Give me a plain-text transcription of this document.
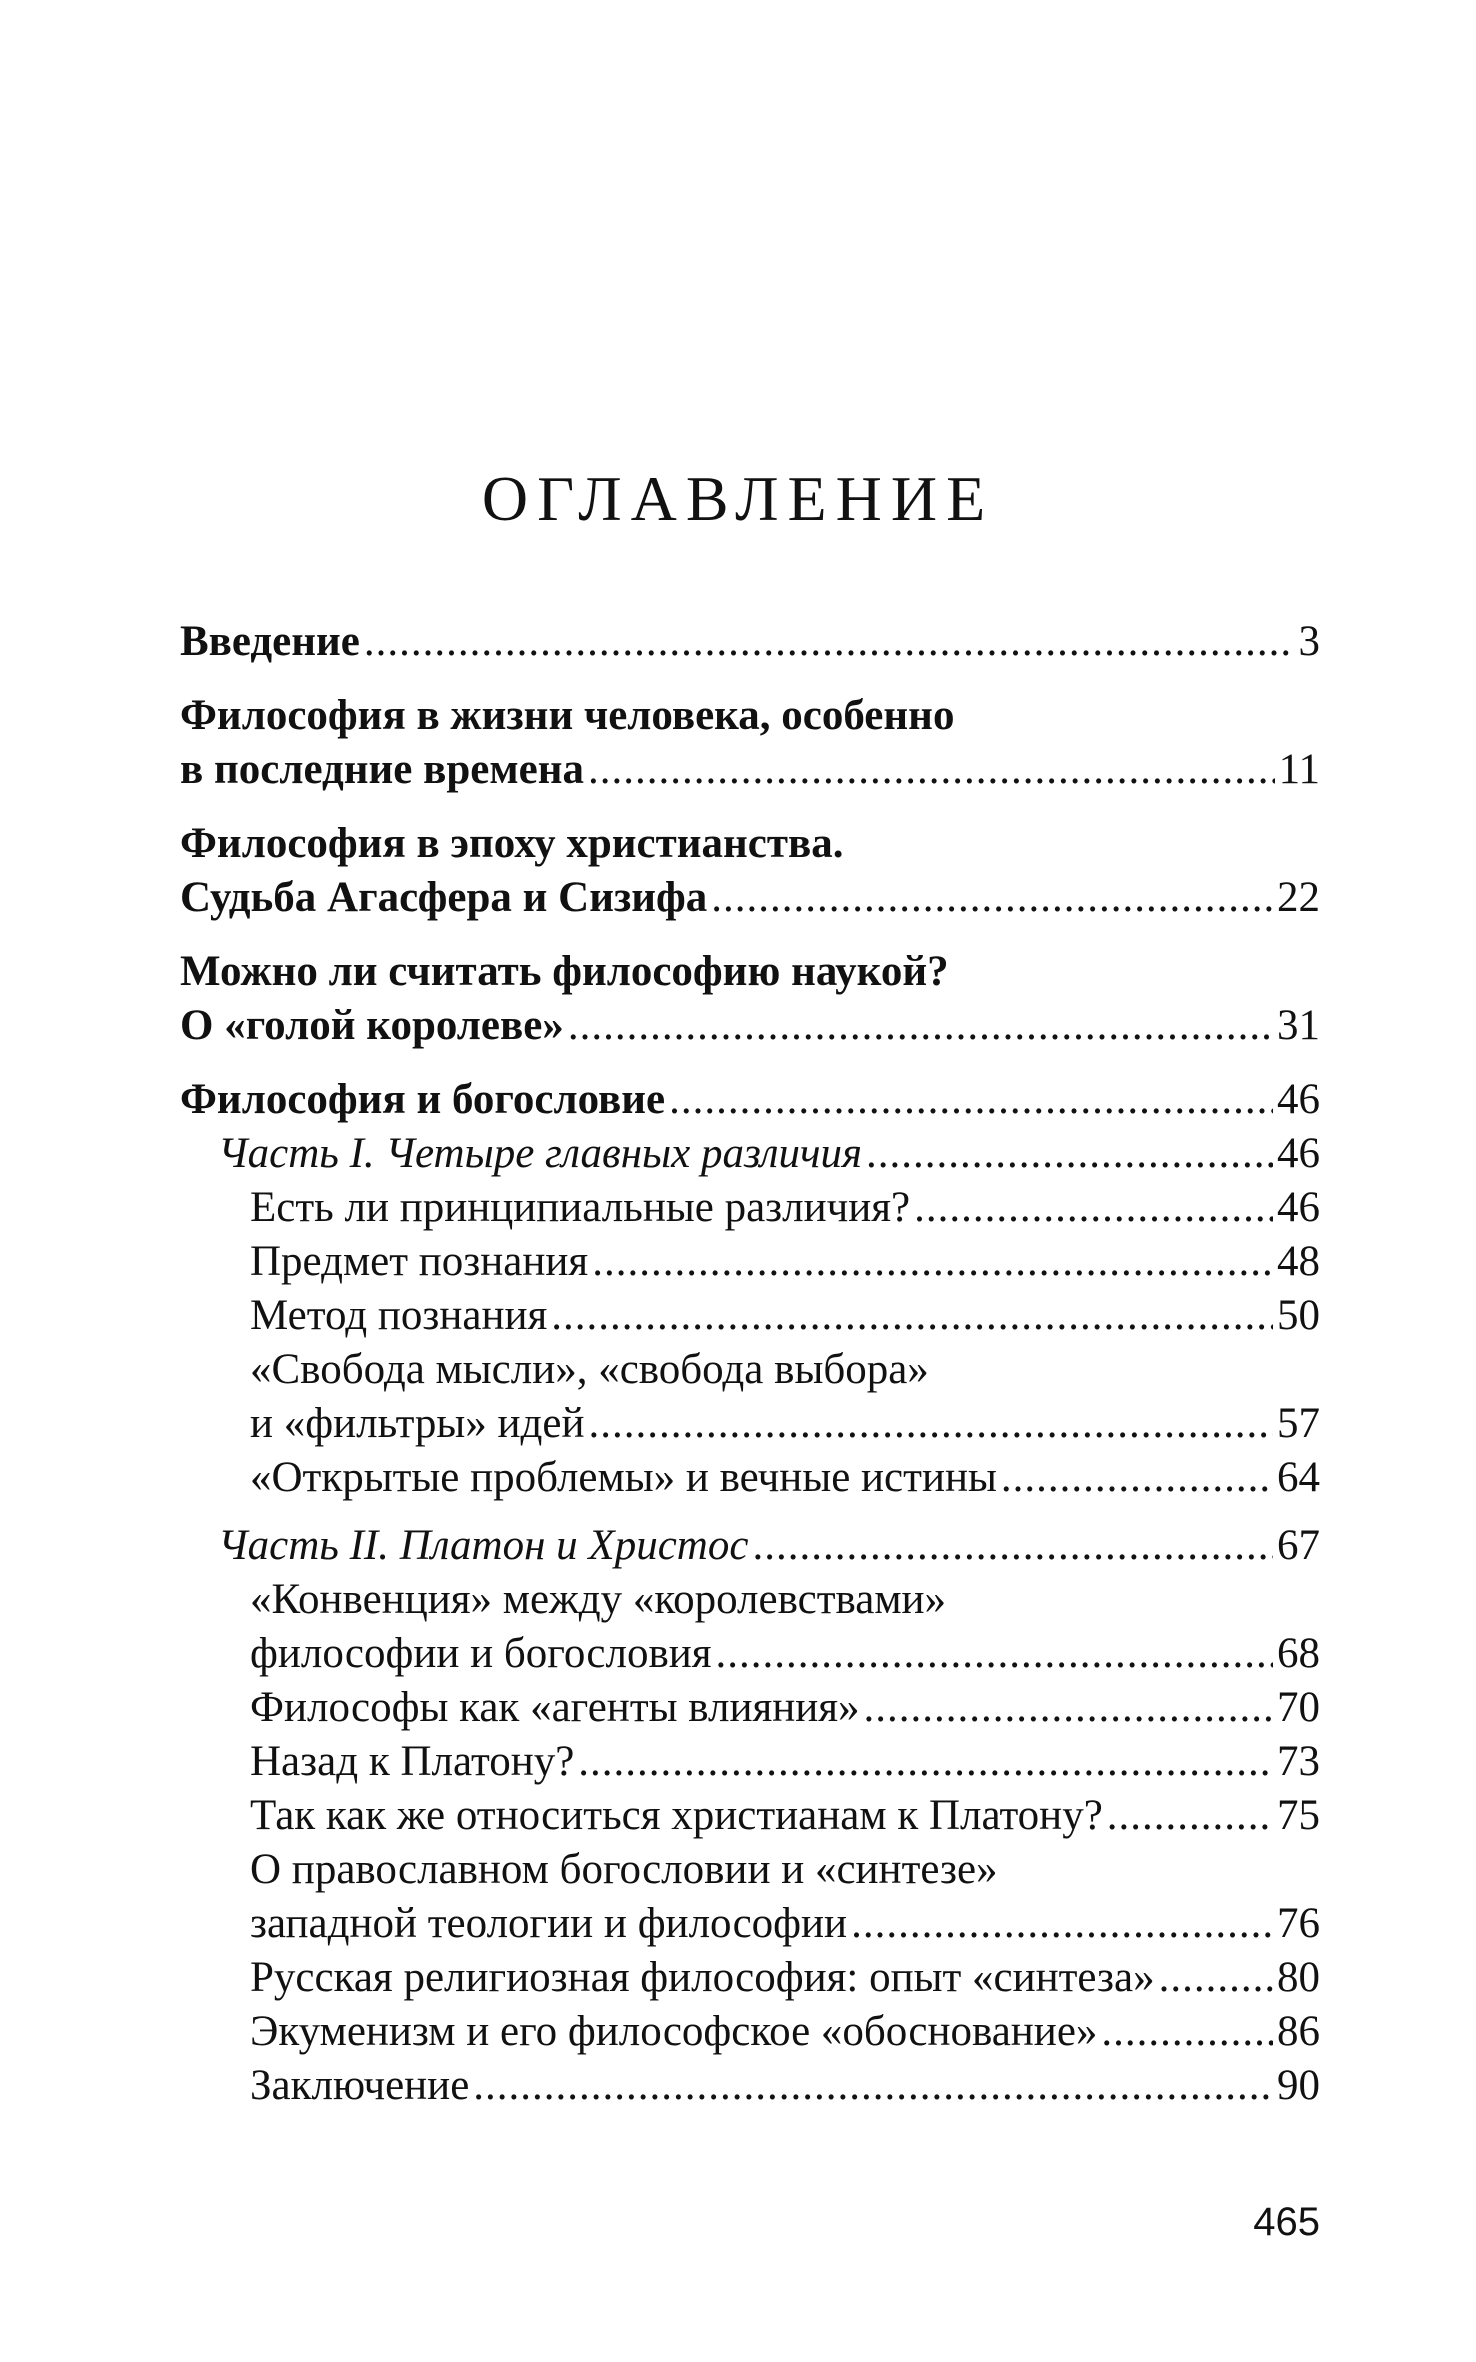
ОГЛАВЛЕНИЕ
Введение .....	3
Философия в жизни человека, особенно
в последние времена .....	11
Философия в эпоху христианства.
Судьба Агасфера и Сизифа .....	22
Можно ли считать философию наукой?
О «голой королеве» .....	31
Философия и богословие .....	46
Часть I. Четыре главных различия .....	46
Есть ли принципиальные различия? .....	46
Предмет познания .....	48
Метод познания .....	50
«Свобода мысли», «свобода выбора»
и «фильтры» идей .....	57
«Открытые проблемы» и вечные истины .....	64
Часть II. Платон и Христос .....	67
«Конвенция» между «королевствами»
философии и богословия .....	68
Философы как «агенты влияния» .....	70
Назад к Платону? .....	73
Так как же относиться христианам к Платону? .....	75
О православном богословии и «синтезе»
западной теологии и философии .....	76
Русская религиозная философия: опыт «синтеза» .....	80
Экуменизм и его философское «обоснование» .....	86
Заключение .....	90
465
